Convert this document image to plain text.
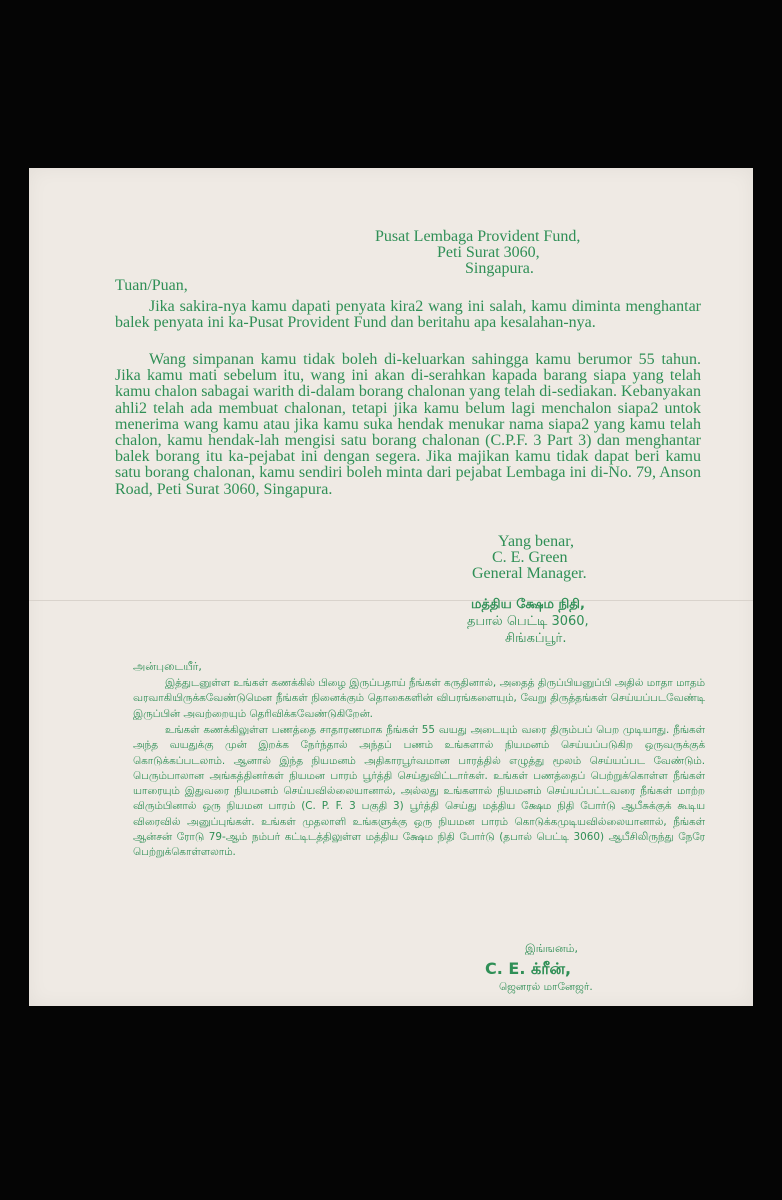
Pusat Lembaga Provident Fund,
Peti Surat 3060,
Singapura.
Tuan/Puan,

Jika sakira-nya kamu dapati penyata kira2 wang ini salah, kamu diminta menghantar balek penyata ini ka-Pusat Provident Fund dan beritahu apa kesalahan-nya.

Wang simpanan kamu tidak boleh di-keluarkan sahingga kamu berumor 55 tahun. Jika kamu mati sebelum itu, wang ini akan di-serahkan kapada barang siapa yang telah kamu chalon sabagai warith di-dalam borang chalonan yang telah di-sediakan. Kebanyakan ahli2 telah ada membuat chalonan, tetapi jika kamu belum lagi menchalon siapa2 untok menerima wang kamu atau jika kamu suka hendak menukar nama siapa2 yang kamu telah chalon, kamu hendak-lah mengisi satu borang chalonan (C.P.F. 3 Part 3) dan menghantar balek borang itu ka-pejabat ini dengan segera. Jika majikan kamu tidak dapat beri kamu satu borang chalonan, kamu sendiri boleh minta dari pejabat Lembaga ini di-No. 79, Anson Road, Peti Surat 3060, Singapura.

Yang benar,
C. E. Green
General Manager.
மத்திய க்ஷேம நிதி,
தபால் பெட்டி 3060,
சிங்கப்பூர்.
அன்புடையீர்,

இத்துடனுள்ள உங்கள் கணக்கில் பிழை இருப்பதாய் நீங்கள் கருதினால், அதைத் திருப்பியனுப்பி அதில் மாதா மாதம் வரவாகியிருக்கவேண்டுமென நீங்கள் நினைக்கும் தொகைகளின் விபரங்களையும், வேறு திருத்தங்கள் செய்யப்படவேண்டி இருப்பின் அவற்றையும் தெரிவிக்கவேண்டுகிறேன்.

உங்கள் கணக்கிலுள்ள பணத்தை சாதாரணமாக நீங்கள் 55 வயது அடையும் வரை திரும்பப் பெற முடியாது. நீங்கள் அந்த வயதுக்கு முன் இறக்க நேர்ந்தால் அந்தப் பணம் உங்களால் நியமனம் செய்யப்படுகிற ஒருவருக்குக் கொடுக்கப்படலாம். ஆனால் இந்த நியமனம் அதிகாரபூர்வமான பாரத்தில் எழுத்து மூலம் செய்யப்பட வேண்டும். பெரும்பாலான அங்கத்தினர்கள் நியமன பாரம் பூர்த்தி செய்துவிட்டார்கள். உங்கள் பணத்தைப் பெற்றுக்கொள்ள நீங்கள் யாரையும் இதுவரை நியமனம் செய்யவில்லையானால், அல்லது உங்களால் நியமனம் செய்யப்பட்டவரை நீங்கள் மாற்ற விரும்பினால் ஒரு நியமன பாரம் (C. P. F. 3 பகுதி 3) பூர்த்தி செய்து மத்திய க்ஷேம நிதி போர்டு ஆபீசுக்குக் கூடிய விரைவில் அனுப்புங்கள். உங்கள் முதலாளி உங்களுக்கு ஒரு நியமன பாரம் கொடுக்கமுடியவில்லையானால், நீங்கள் ஆன்சன் ரோடு 79-ஆம் நம்பர் கட்டிடத்திலுள்ள மத்திய க்ஷேம நிதி போர்டு (தபால் பெட்டி 3060) ஆபீசிலிருந்து நேரே பெற்றுக்கொள்ளலாம்.

இங்ஙனம்,
C. E. க்ரீன்,
ஜெனரல் மானேஜர்.
